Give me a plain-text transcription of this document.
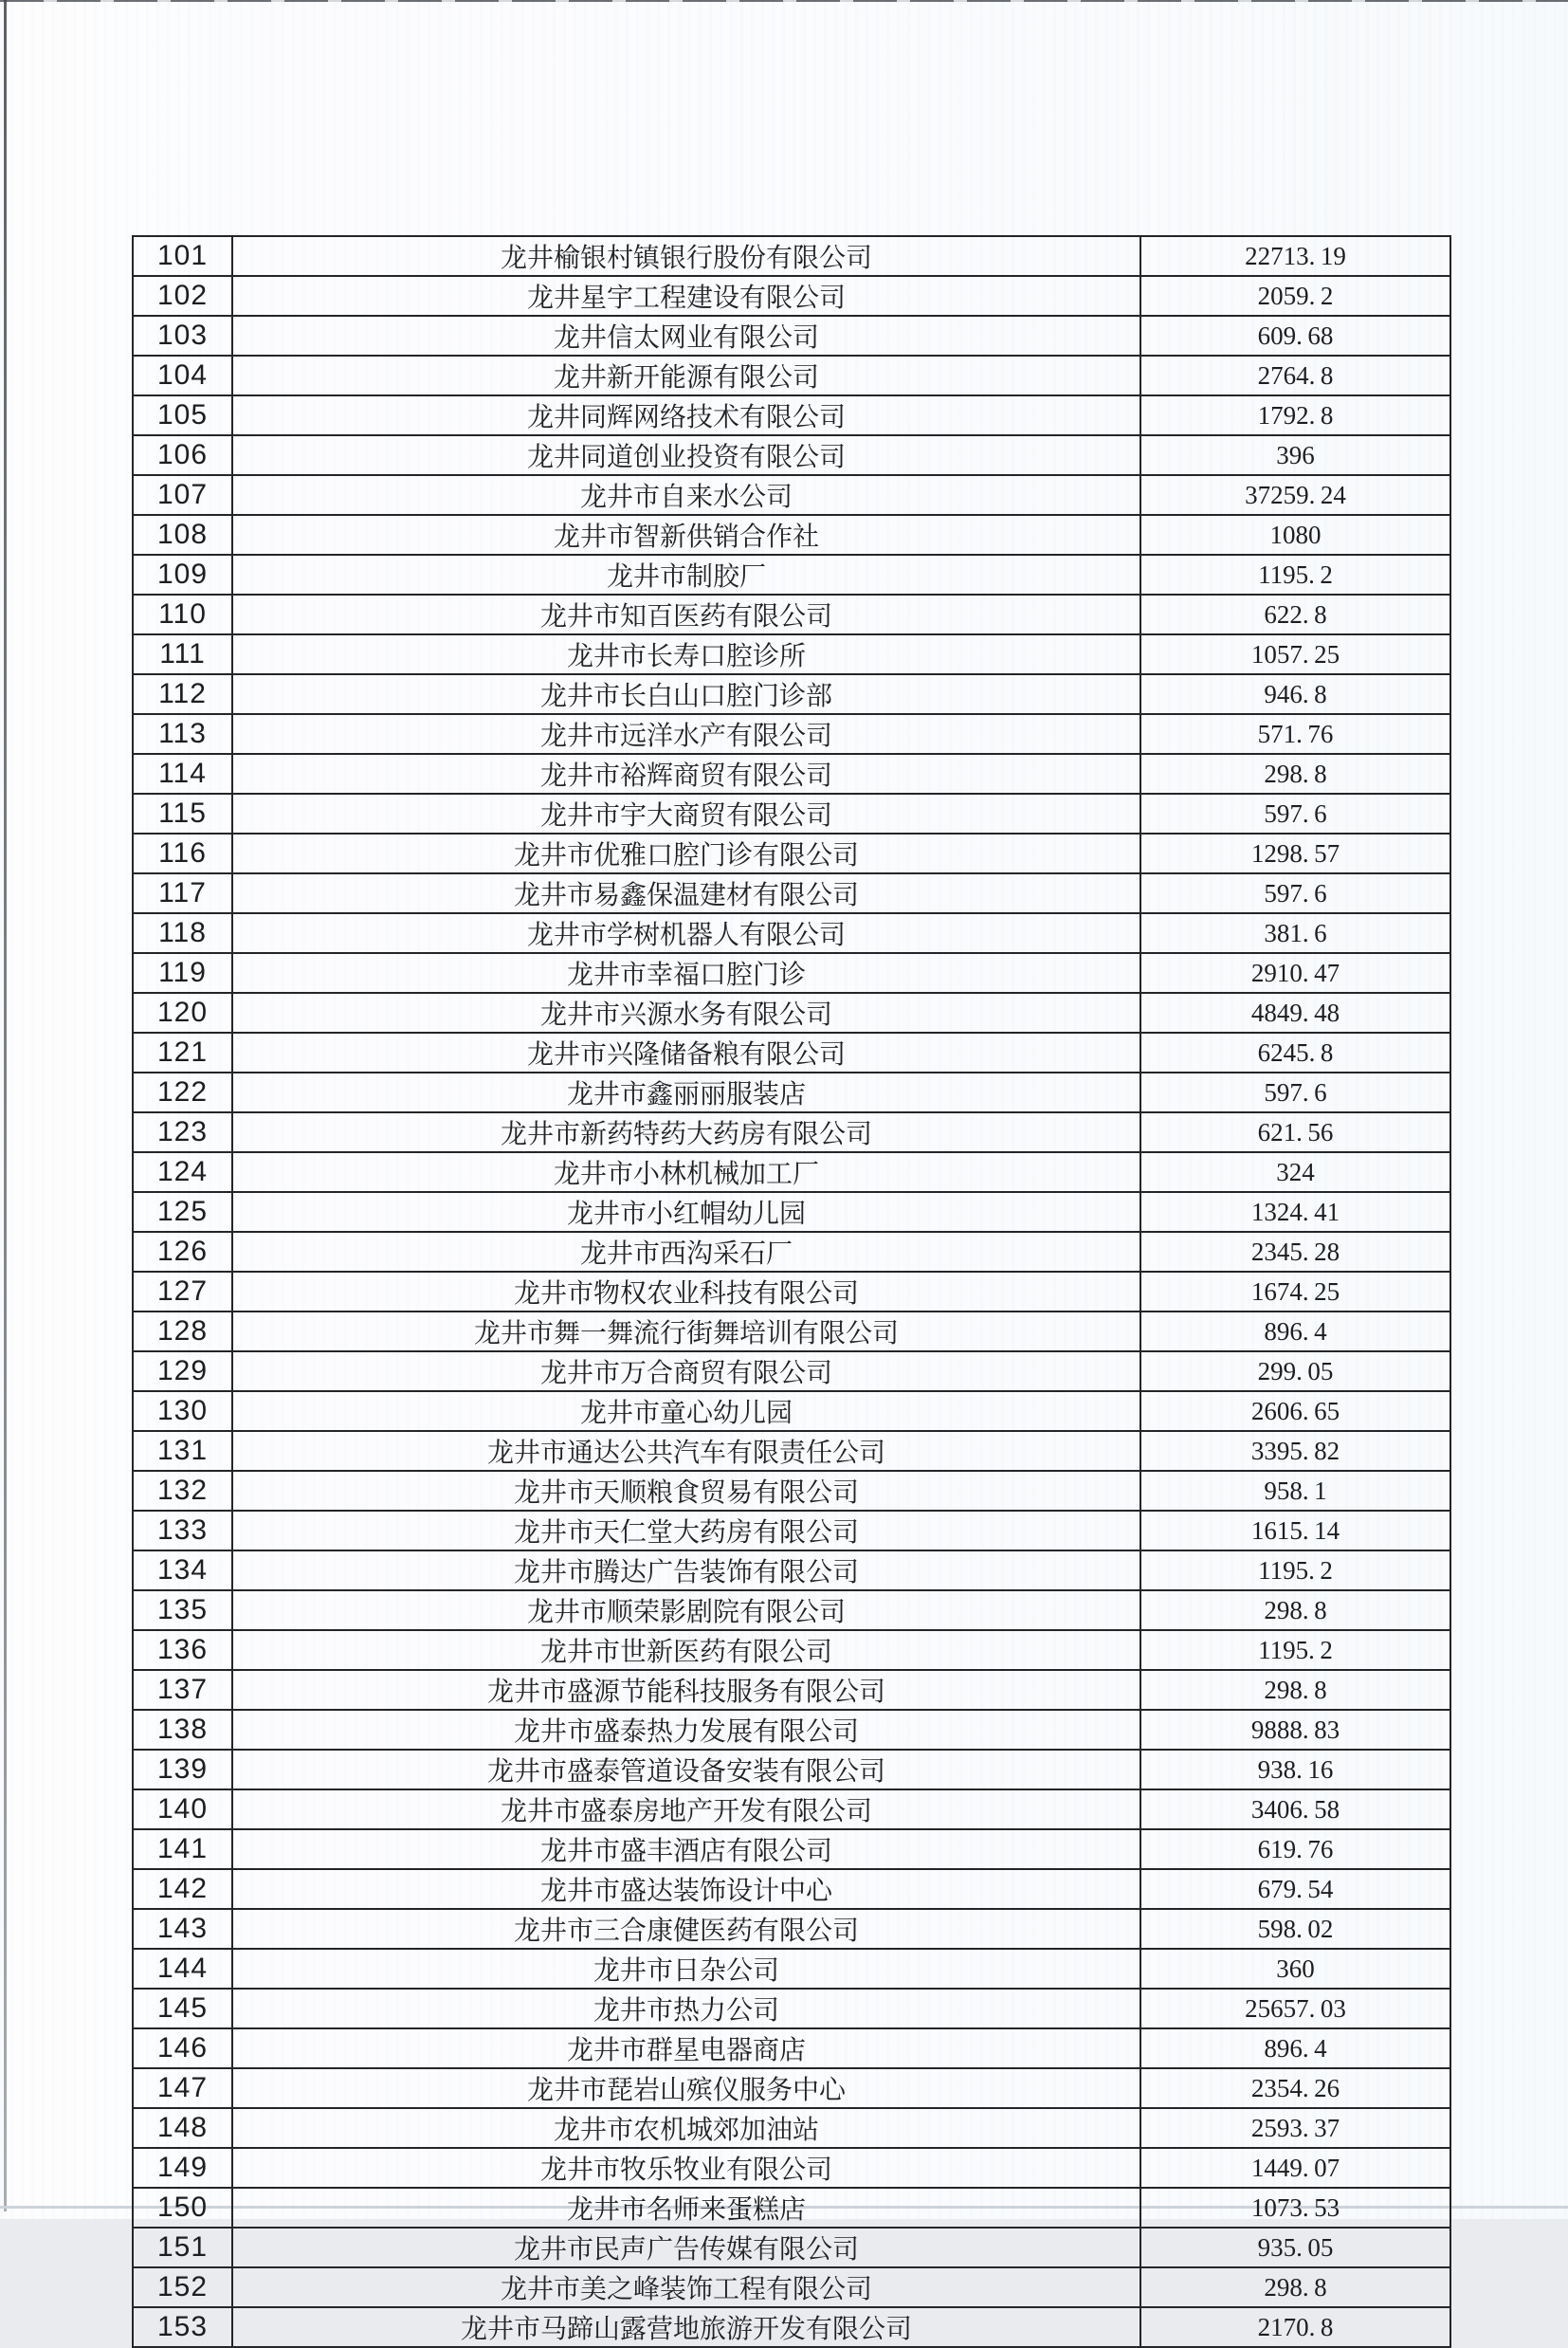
101	龙井榆银村镇银行股份有限公司	22713. 19
102	龙井星宇工程建设有限公司	2059. 2
103	龙井信太网业有限公司	609. 68
104	龙井新开能源有限公司	2764. 8
105	龙井同辉网络技术有限公司	1792. 8
106	龙井同道创业投资有限公司	396
107	龙井市自来水公司	37259. 24
108	龙井市智新供销合作社	1080
109	龙井市制胶厂	1195. 2
110	龙井市知百医药有限公司	622. 8
111	龙井市长寿口腔诊所	1057. 25
112	龙井市长白山口腔门诊部	946. 8
113	龙井市远洋水产有限公司	571. 76
114	龙井市裕辉商贸有限公司	298. 8
115	龙井市宇大商贸有限公司	597. 6
116	龙井市优雅口腔门诊有限公司	1298. 57
117	龙井市易鑫保温建材有限公司	597. 6
118	龙井市学树机器人有限公司	381. 6
119	龙井市幸福口腔门诊	2910. 47
120	龙井市兴源水务有限公司	4849. 48
121	龙井市兴隆储备粮有限公司	6245. 8
122	龙井市鑫丽丽服装店	597. 6
123	龙井市新药特药大药房有限公司	621. 56
124	龙井市小林机械加工厂	324
125	龙井市小红帽幼儿园	1324. 41
126	龙井市西沟采石厂	2345. 28
127	龙井市物权农业科技有限公司	1674. 25
128	龙井市舞一舞流行街舞培训有限公司	896. 4
129	龙井市万合商贸有限公司	299. 05
130	龙井市童心幼儿园	2606. 65
131	龙井市通达公共汽车有限责任公司	3395. 82
132	龙井市天顺粮食贸易有限公司	958. 1
133	龙井市天仁堂大药房有限公司	1615. 14
134	龙井市腾达广告装饰有限公司	1195. 2
135	龙井市顺荣影剧院有限公司	298. 8
136	龙井市世新医药有限公司	1195. 2
137	龙井市盛源节能科技服务有限公司	298. 8
138	龙井市盛泰热力发展有限公司	9888. 83
139	龙井市盛泰管道设备安装有限公司	938. 16
140	龙井市盛泰房地产开发有限公司	3406. 58
141	龙井市盛丰酒店有限公司	619. 76
142	龙井市盛达装饰设计中心	679. 54
143	龙井市三合康健医药有限公司	598. 02
144	龙井市日杂公司	360
145	龙井市热力公司	25657. 03
146	龙井市群星电器商店	896. 4
147	龙井市琵岩山殡仪服务中心	2354. 26
148	龙井市农机城郊加油站	2593. 37
149	龙井市牧乐牧业有限公司	1449. 07
150	龙井市名师来蛋糕店	1073. 53
151	龙井市民声广告传媒有限公司	935. 05
152	龙井市美之峰装饰工程有限公司	298. 8
153	龙井市马蹄山露营地旅游开发有限公司	2170. 8
